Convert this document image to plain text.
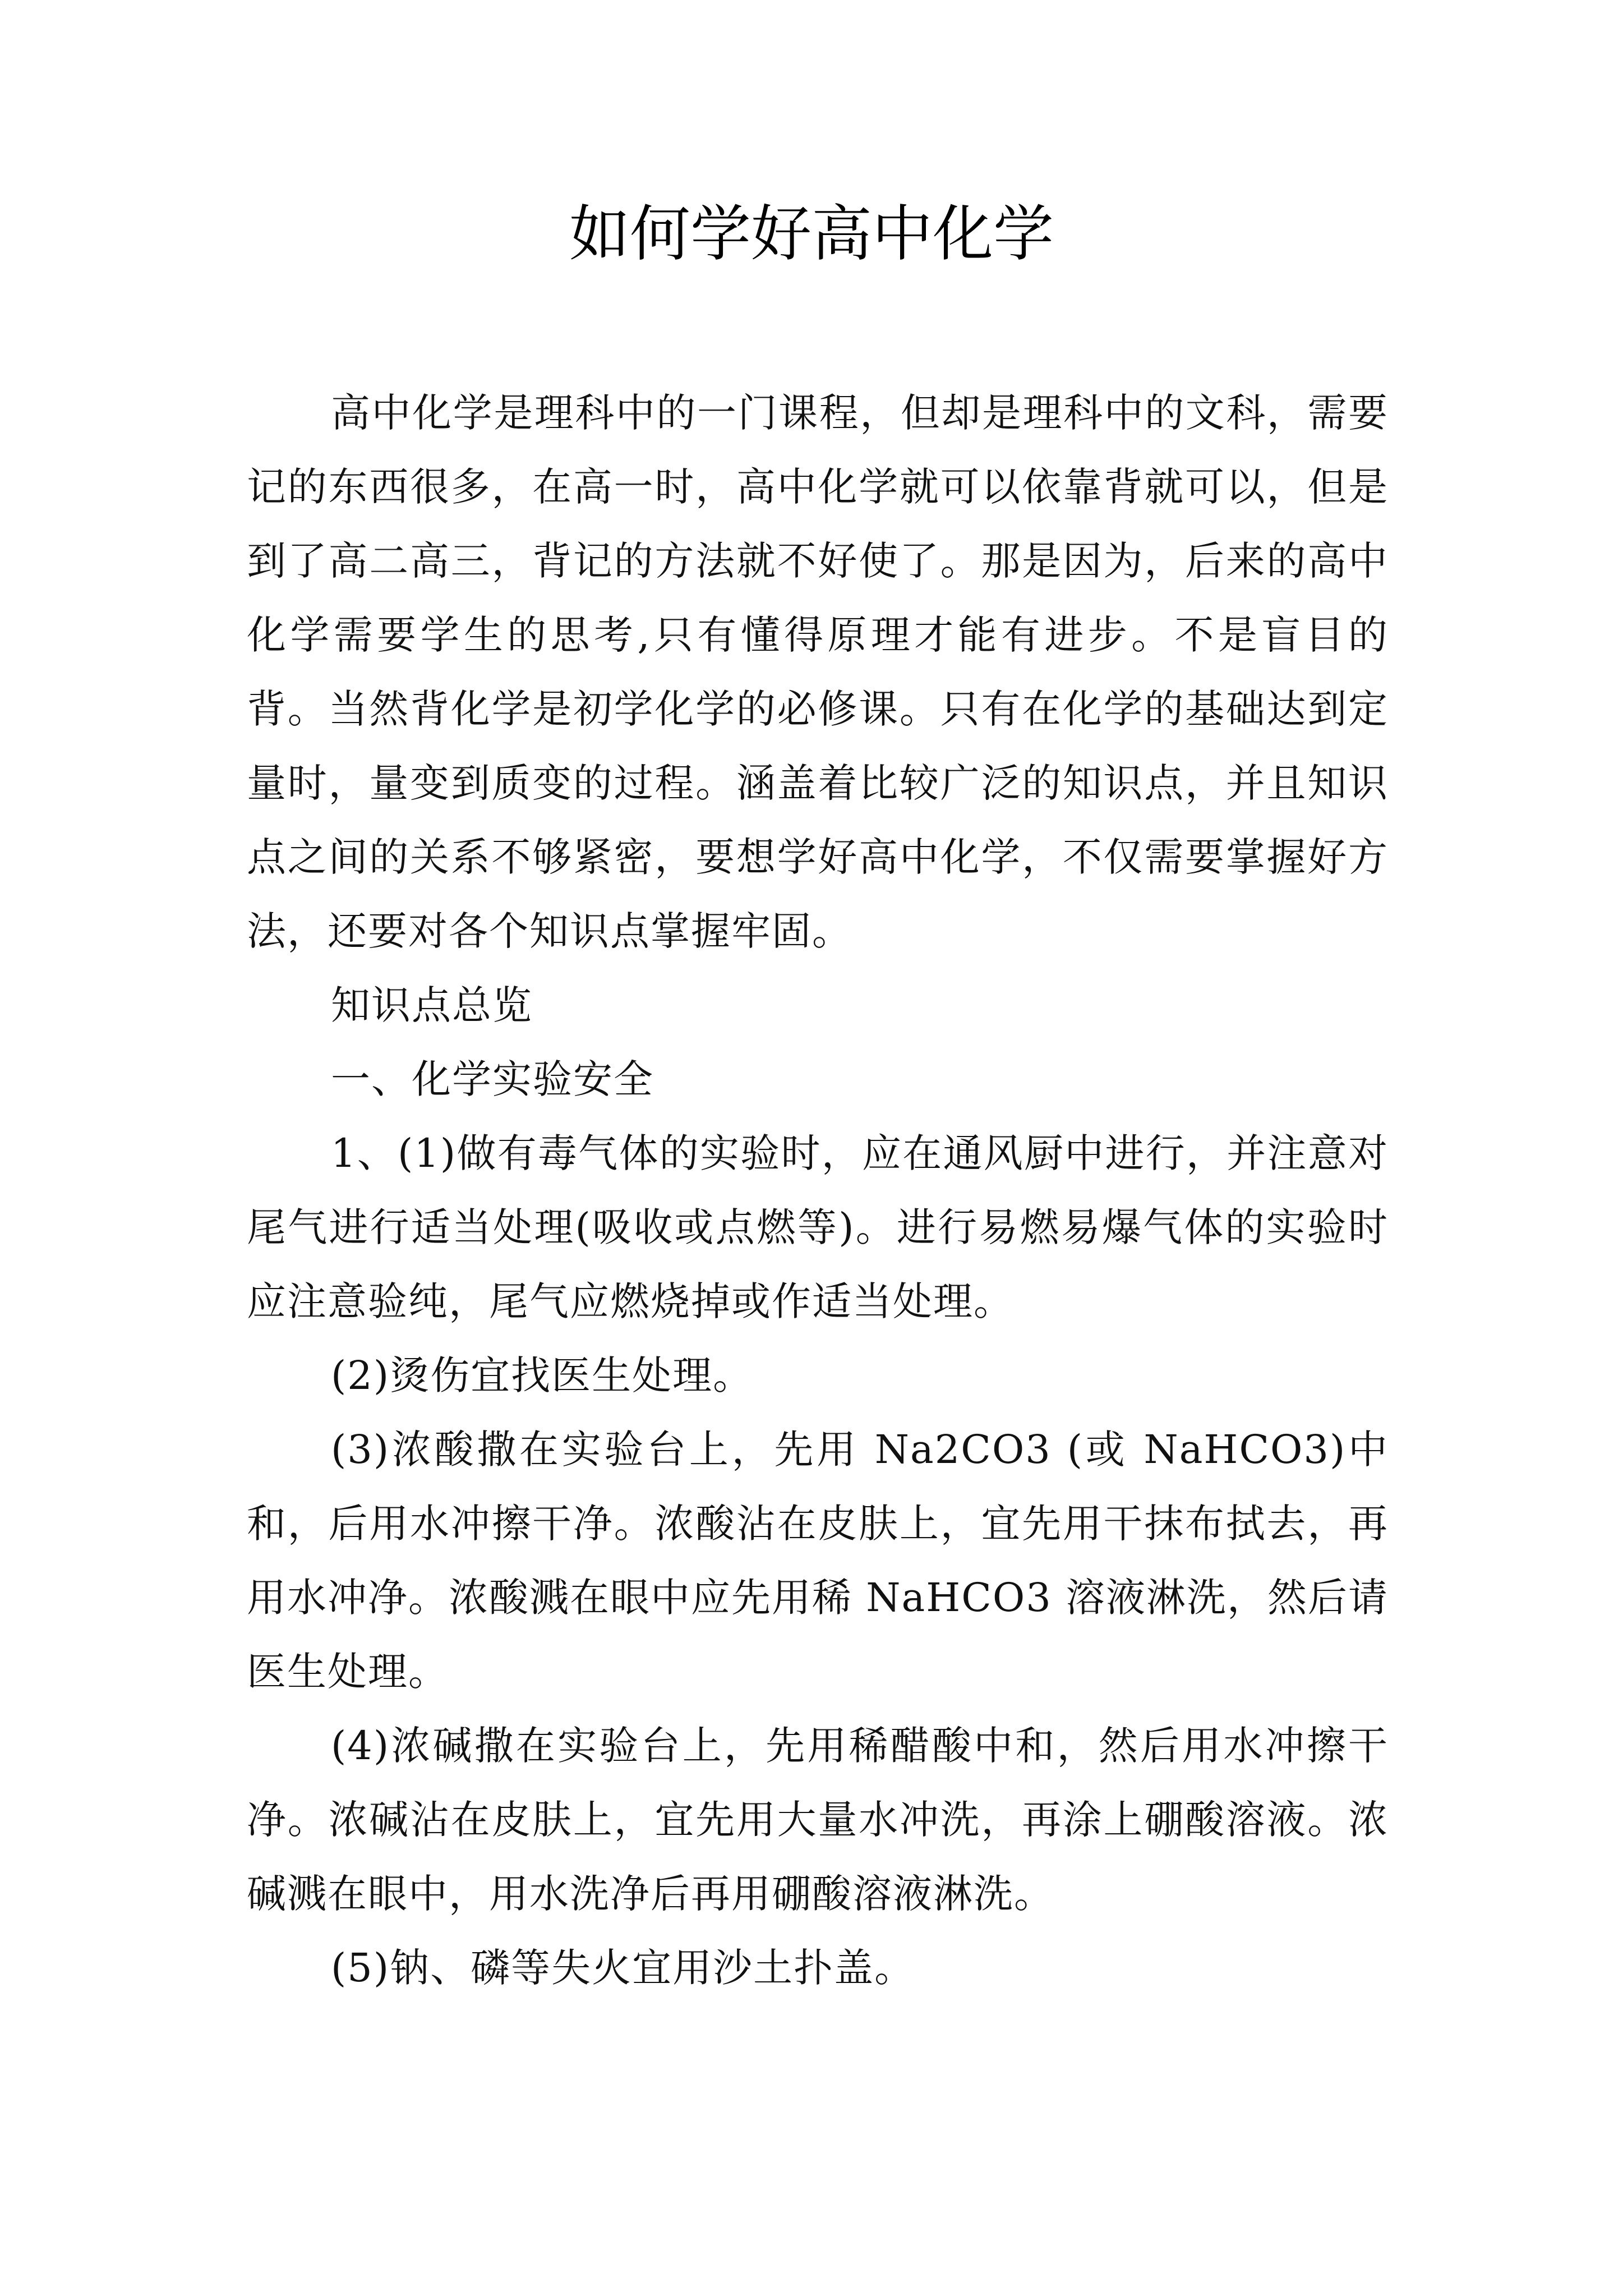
如何学好高中化学

高中化学是理科中的一门课程，但却是理科中的文科，需要记的东西很多，在高一时，高中化学就可以依靠背就可以，但是到了高二高三，背记的方法就不好使了。那是因为，后来的高中化学需要学生的思考,只有懂得原理才能有进步。不是盲目的背。当然背化学是初学化学的必修课。只有在化学的基础达到定量时，量变到质变的过程。涵盖着比较广泛的知识点，并且知识点之间的关系不够紧密，要想学好高中化学，不仅需要掌握好方法，还要对各个知识点掌握牢固。

知识点总览

一、化学实验安全

1、(1)做有毒气体的实验时，应在通风厨中进行，并注意对尾气进行适当处理(吸收或点燃等)。进行易燃易爆气体的实验时应注意验纯，尾气应燃烧掉或作适当处理。

(2)烫伤宜找医生处理。

(3)浓酸撒在实验台上，先用 Na2CO3 (或 NaHCO3)中和，后用水冲擦干净。浓酸沾在皮肤上，宜先用干抹布拭去，再用水冲净。浓酸溅在眼中应先用稀 NaHCO3 溶液淋洗，然后请医生处理。

(4)浓碱撒在实验台上，先用稀醋酸中和，然后用水冲擦干净。浓碱沾在皮肤上，宜先用大量水冲洗，再涂上硼酸溶液。浓碱溅在眼中，用水洗净后再用硼酸溶液淋洗。

(5)钠、磷等失火宜用沙土扑盖。
